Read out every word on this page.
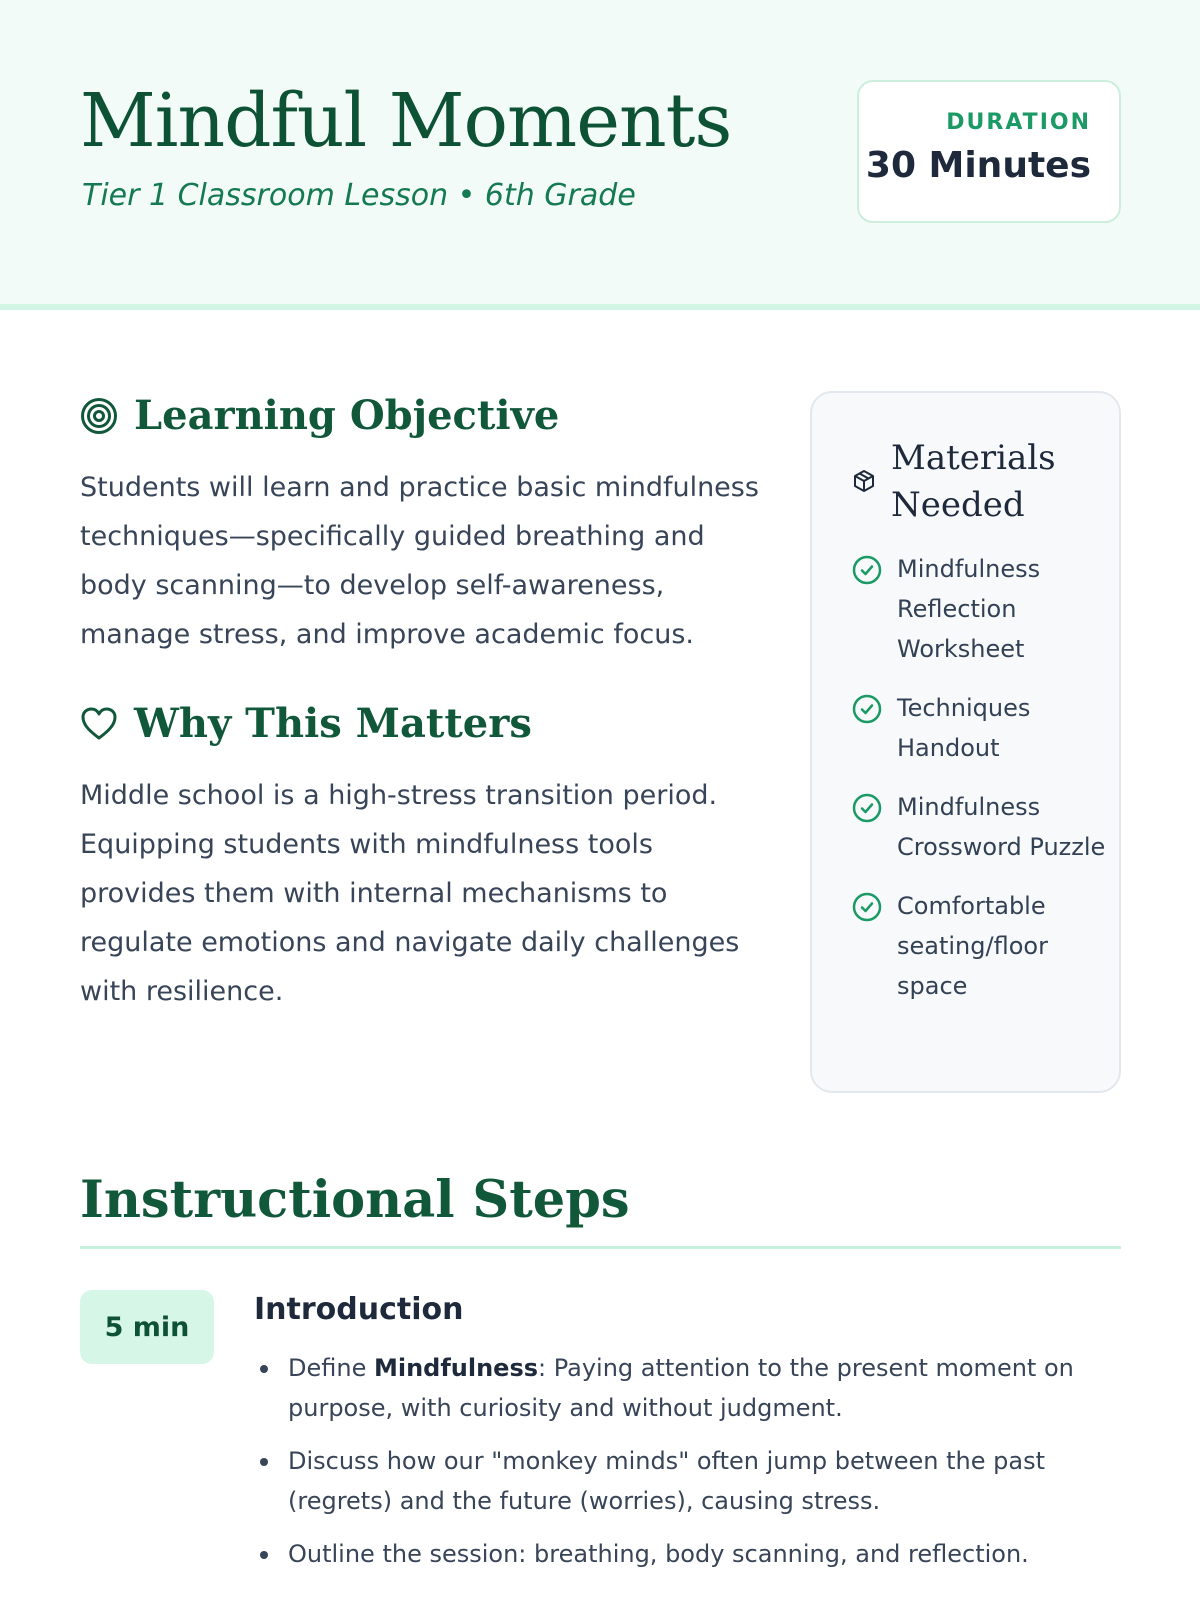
Mindful Moments
Tier 1 Classroom Lesson • 6th Grade
DURATION
30 Minutes
Learning Objective

Students will learn and practice basic mindfulness techniques—specifically guided breathing and body scanning—to develop self-awareness, manage stress, and improve academic focus.

Why This Matters

Middle school is a high-stress transition period. Equipping students with mindfulness tools provides them with internal mechanisms to regulate emotions and navigate daily challenges with resilience.

Materials
Needed
Mindfulness Reflection Worksheet
Techniques Handout
Mindfulness Crossword Puzzle
Comfortable seating/floor space
Instructional Steps
5 min	Introduction
Define Mindfulness: Paying attention to the present moment on purpose, with curiosity and without judgment.
Discuss how our "monkey minds" often jump between the past (regrets) and the future (worries), causing stress.
Outline the session: breathing, body scanning, and reflection.
